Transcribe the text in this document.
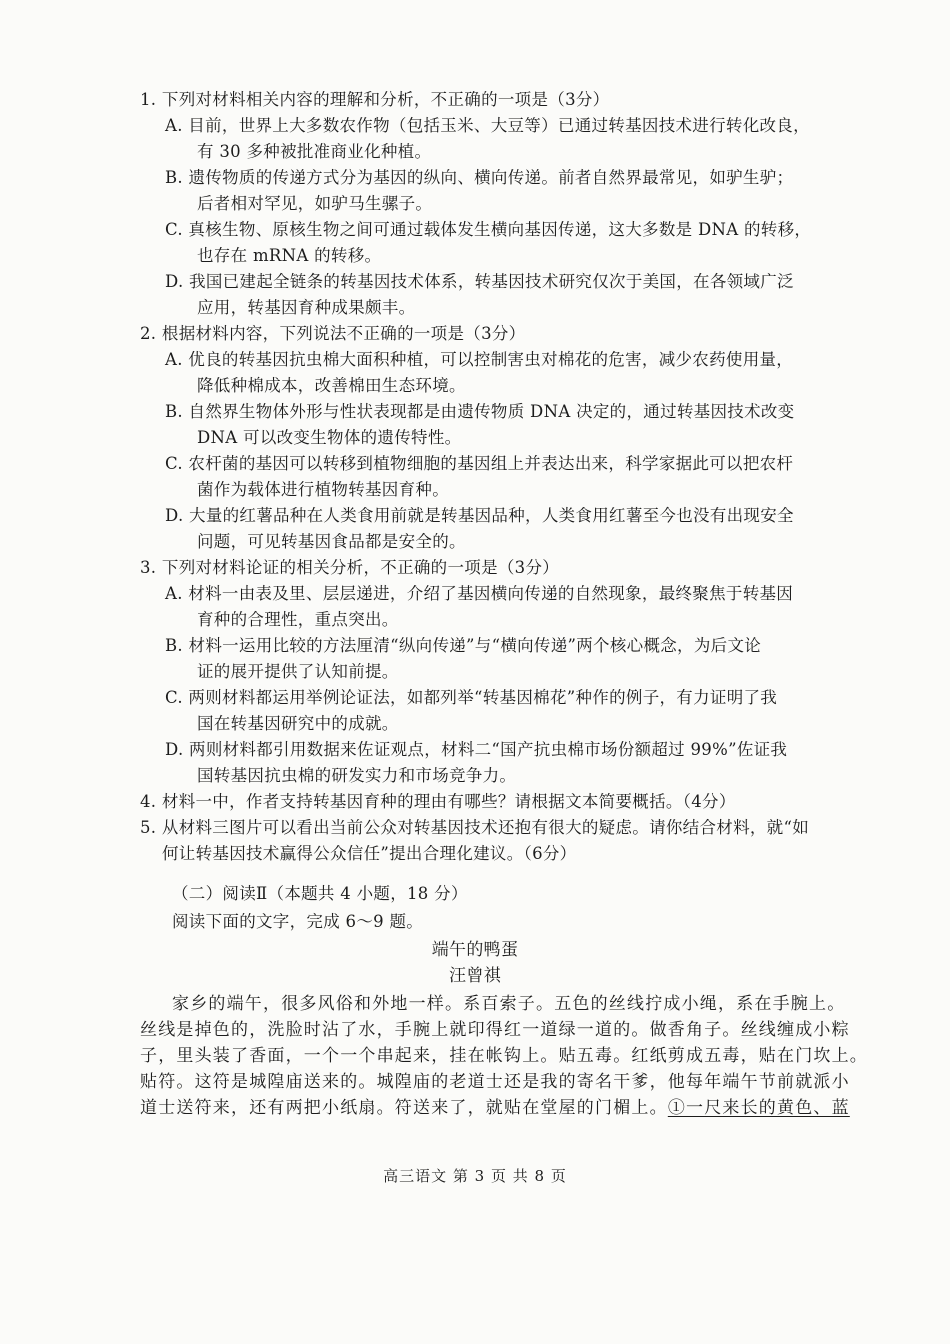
1. 下列对材料相关内容的理解和分析，不正确的一项是（3分）
A. 目前，世界上大多数农作物（包括玉米、大豆等）已通过转基因技术进行转化改良，
有 30 多种被批准商业化种植。
B. 遗传物质的传递方式分为基因的纵向、横向传递。前者自然界最常见，如驴生驴；
后者相对罕见，如驴马生骡子。
C. 真核生物、原核生物之间可通过载体发生横向基因传递，这大多数是 DNA 的转移，
也存在 mRNA 的转移。
D. 我国已建起全链条的转基因技术体系，转基因技术研究仅次于美国，在各领域广泛
应用，转基因育种成果颇丰。
2. 根据材料内容，下列说法不正确的一项是（3分）
A. 优良的转基因抗虫棉大面积种植，可以控制害虫对棉花的危害，减少农药使用量，
降低种棉成本，改善棉田生态环境。
B. 自然界生物体外形与性状表现都是由遗传物质 DNA 决定的，通过转基因技术改变
DNA 可以改变生物体的遗传特性。
C. 农杆菌的基因可以转移到植物细胞的基因组上并表达出来，科学家据此可以把农杆
菌作为载体进行植物转基因育种。
D. 大量的红薯品种在人类食用前就是转基因品种，人类食用红薯至今也没有出现安全
问题，可见转基因食品都是安全的。
3. 下列对材料论证的相关分析，不正确的一项是（3分）
A. 材料一由表及里、层层递进，介绍了基因横向传递的自然现象，最终聚焦于转基因
育种的合理性，重点突出。
B. 材料一运用比较的方法厘清“纵向传递”与“横向传递”两个核心概念，为后文论
证的展开提供了认知前提。
C. 两则材料都运用举例论证法，如都列举“转基因棉花”种作的例子，有力证明了我
国在转基因研究中的成就。
D. 两则材料都引用数据来佐证观点，材料二“国产抗虫棉市场份额超过 99%”佐证我
国转基因抗虫棉的研发实力和市场竞争力。
4. 材料一中，作者支持转基因育种的理由有哪些？请根据文本简要概括。（4分）
5. 从材料三图片可以看出当前公众对转基因技术还抱有很大的疑虑。请你结合材料，就“如
何让转基因技术赢得公众信任”提出合理化建议。（6分）
（二）阅读Ⅱ（本题共 4 小题，18 分）
阅读下面的文字，完成 6～9 题。
端午的鸭蛋
汪曾祺
家乡的端午，很多风俗和外地一样。系百索子。五色的丝线拧成小绳，系在手腕上。
丝线是掉色的，洗脸时沾了水，手腕上就印得红一道绿一道的。做香角子。丝线缠成小粽
子，里头装了香面，一个一个串起来，挂在帐钩上。贴五毒。红纸剪成五毒，贴在门坎上。
贴符。这符是城隍庙送来的。城隍庙的老道士还是我的寄名干爹，他每年端午节前就派小
道士送符来，还有两把小纸扇。符送来了，就贴在堂屋的门楣上。①一尺来长的黄色、蓝
高三语文 第 3 页 共 8 页
